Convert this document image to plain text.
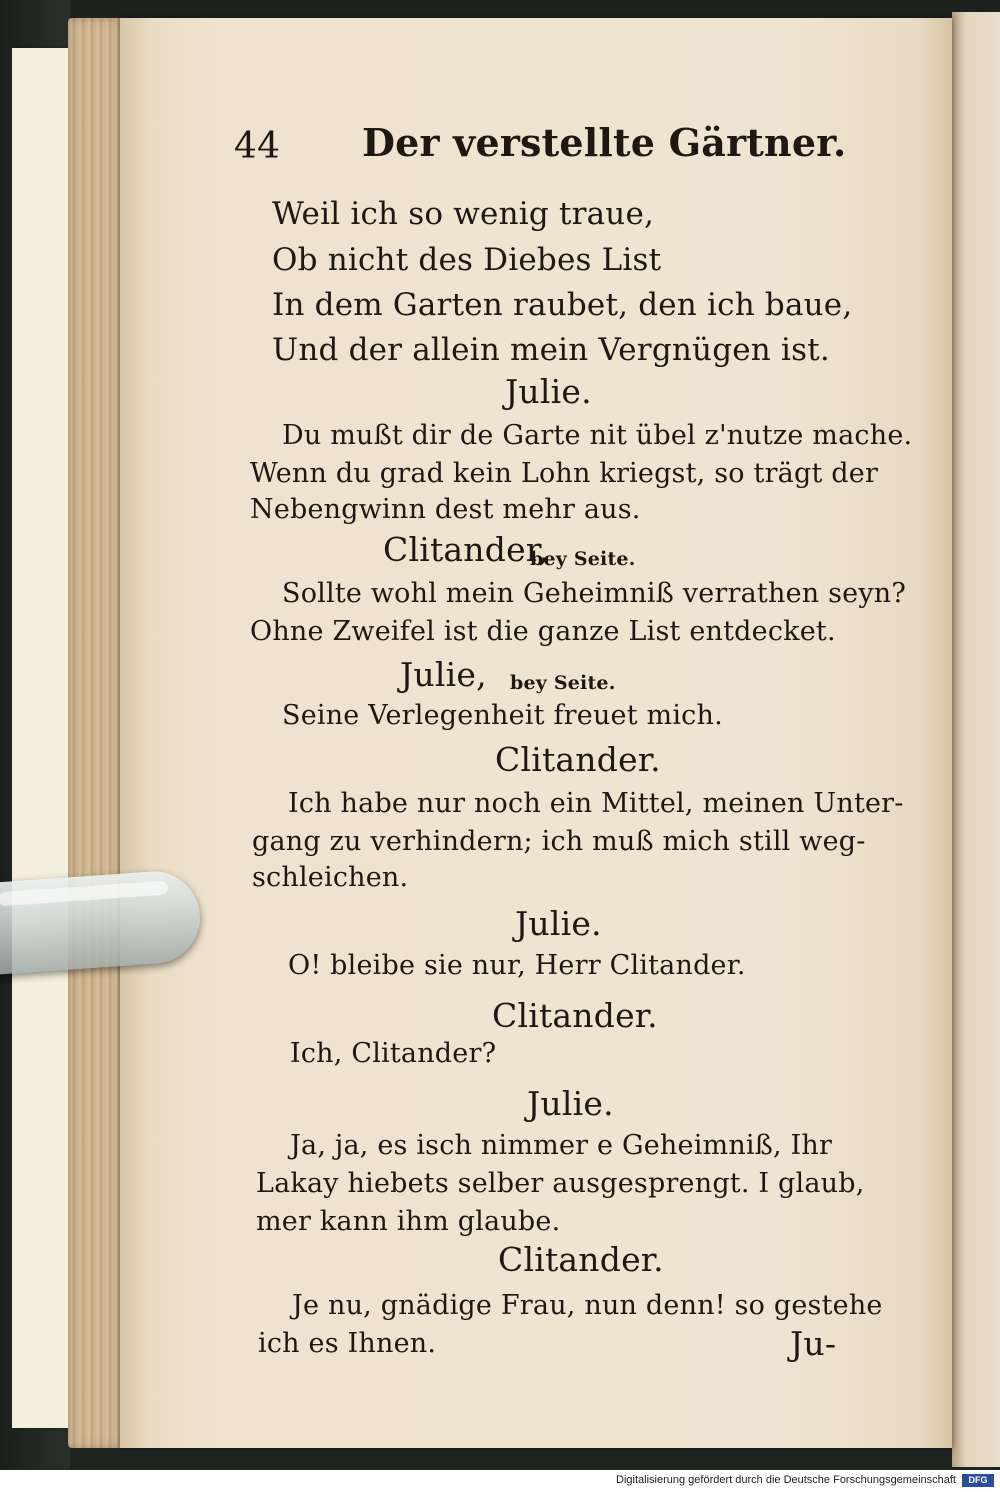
44 Der verstellte Gärtner.
Weil ich so wenig traue,
Ob nicht des Diebes List
In dem Garten raubet, den ich baue,
Und der allein mein Vergnügen ist.
Julie.
Du mußt dir de Garte nit übel z'nutze mache.
Wenn du grad kein Lohn kriegst, so trägt der
Nebengwinn dest mehr aus.
Clitander,
bey Seite.
Sollte wohl mein Geheimniß verrathen seyn?
Ohne Zweifel ist die ganze List entdecket.
Julie, bey Seite.
Seine Verlegenheit freuet mich.
Clitander.
Ich habe nur noch ein Mittel, meinen Unter-
gang zu verhindern; ich muß mich still weg-
schleichen.
Julie.
O! bleibe sie nur, Herr Clitander.
Clitander.
Ich, Clitander?
Julie.
Ja, ja, es isch nimmer e Geheimniß, Ihr
Lakay hiebets selber ausgesprengt. I glaub,
mer kann ihm glaube.
Clitander.
Je nu, gnädige Frau, nun denn! so gestehe
ich es Ihnen.	Ju-
Digitalisierung gefördert durch die Deutsche Forschungsgemeinschaft	DFG
